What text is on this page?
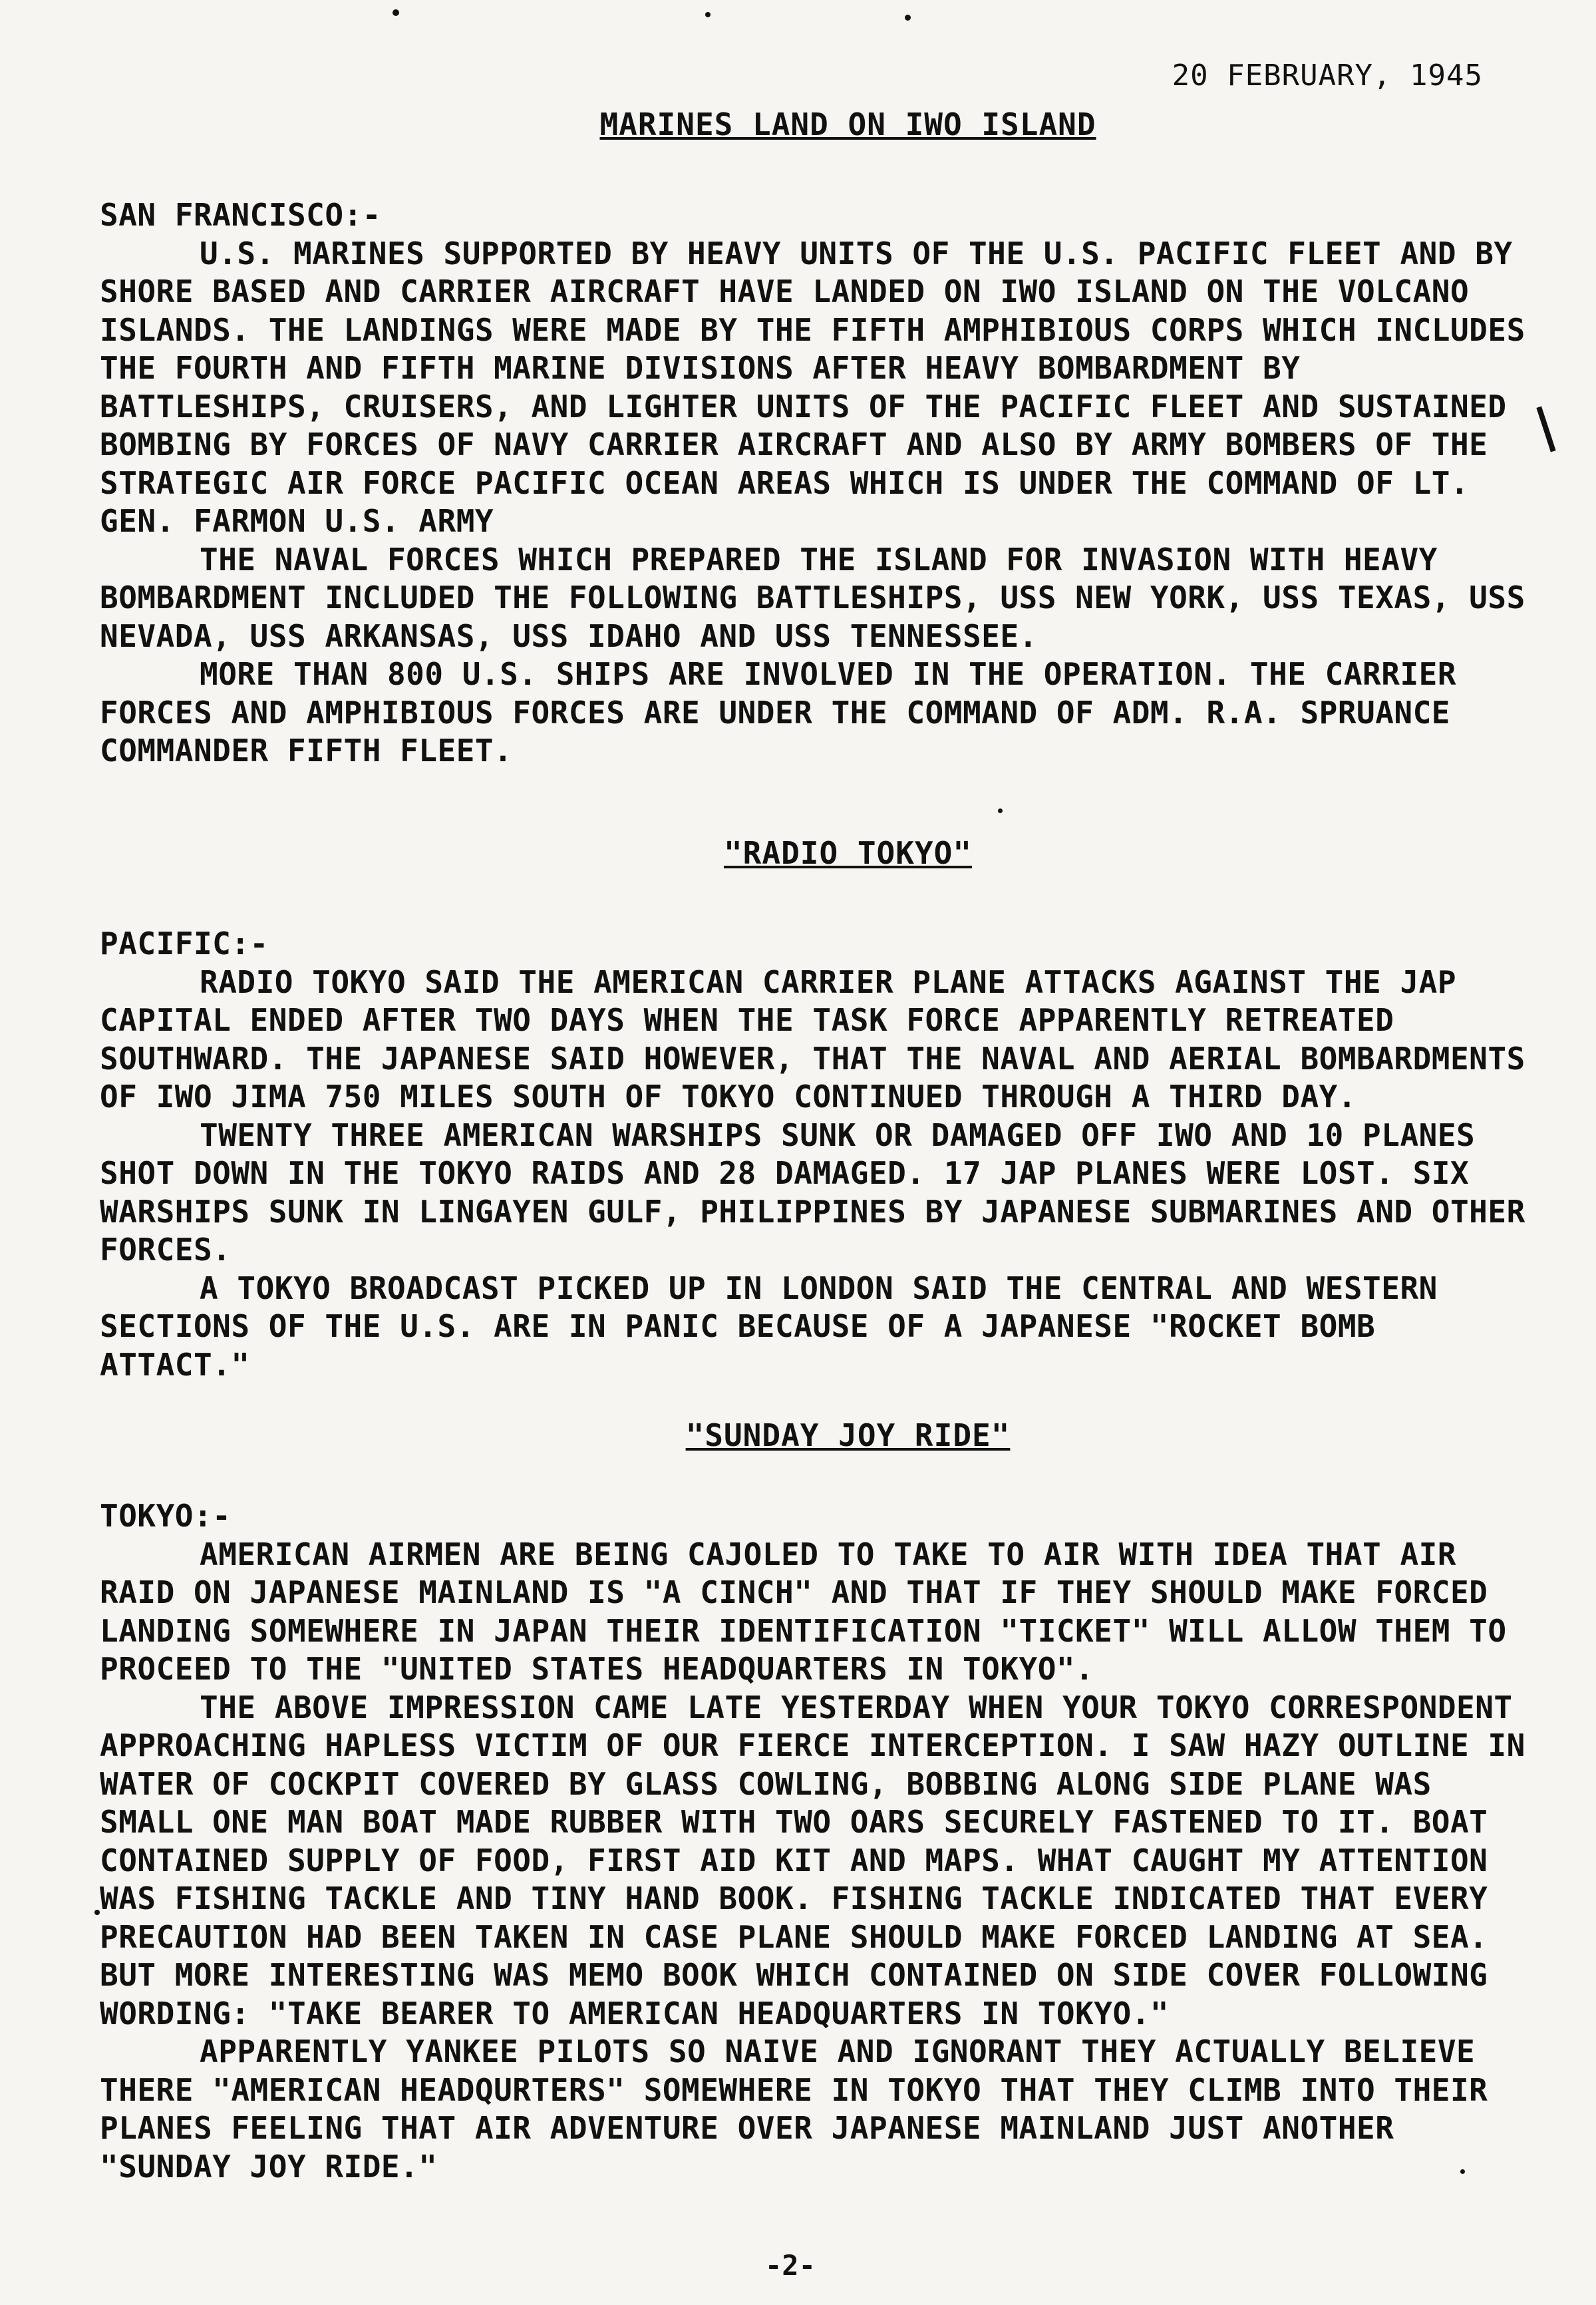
20 FEBRUARY, 1945
MARINES LAND ON IWO ISLAND
SAN FRANCISCO:-

U.S. MARINES SUPPORTED BY HEAVY UNITS OF THE U.S. PACIFIC FLEET AND BY SHORE BASED AND CARRIER AIRCRAFT HAVE LANDED ON IWO ISLAND ON THE VOLCANO ISLANDS. THE LANDINGS WERE MADE BY THE FIFTH AMPHIBIOUS CORPS WHICH INCLUDES THE FOURTH AND FIFTH MARINE DIVISIONS AFTER HEAVY BOMBARDMENT BY BATTLESHIPS, CRUISERS, AND LIGHTER UNITS OF THE PACIFIC FLEET AND SUSTAINED BOMBING BY FORCES OF NAVY CARRIER AIRCRAFT AND ALSO BY ARMY BOMBERS OF THE STRATEGIC AIR FORCE PACIFIC OCEAN AREAS WHICH IS UNDER THE COMMAND OF LT. GEN. FARMON U.S. ARMY

THE NAVAL FORCES WHICH PREPARED THE ISLAND FOR INVASION WITH HEAVY BOMBARDMENT INCLUDED THE FOLLOWING BATTLESHIPS, USS NEW YORK, USS TEXAS, USS NEVADA, USS ARKANSAS, USS IDAHO AND USS TENNESSEE.

MORE THAN 800 U.S. SHIPS ARE INVOLVED IN THE OPERATION. THE CARRIER FORCES AND AMPHIBIOUS FORCES ARE UNDER THE COMMAND OF ADM. R.A. SPRUANCE COMMANDER FIFTH FLEET.

"RADIO TOKYO"
PACIFIC:-

RADIO TOKYO SAID THE AMERICAN CARRIER PLANE ATTACKS AGAINST THE JAP CAPITAL ENDED AFTER TWO DAYS WHEN THE TASK FORCE APPARENTLY RETREATED SOUTHWARD. THE JAPANESE SAID HOWEVER, THAT THE NAVAL AND AERIAL BOMBARDMENTS OF IWO JIMA 750 MILES SOUTH OF TOKYO CONTINUED THROUGH A THIRD DAY.

TWENTY THREE AMERICAN WARSHIPS SUNK OR DAMAGED OFF IWO AND 10 PLANES SHOT DOWN IN THE TOKYO RAIDS AND 28 DAMAGED. 17 JAP PLANES WERE LOST. SIX WARSHIPS SUNK IN LINGAYEN GULF, PHILIPPINES BY JAPANESE SUBMARINES AND OTHER FORCES.

A TOKYO BROADCAST PICKED UP IN LONDON SAID THE CENTRAL AND WESTERN SECTIONS OF THE U.S. ARE IN PANIC BECAUSE OF A JAPANESE "ROCKET BOMB ATTACT."

"SUNDAY JOY RIDE"
TOKYO:-

AMERICAN AIRMEN ARE BEING CAJOLED TO TAKE TO AIR WITH IDEA THAT AIR RAID ON JAPANESE MAINLAND IS "A CINCH" AND THAT IF THEY SHOULD MAKE FORCED LANDING SOMEWHERE IN JAPAN THEIR IDENTIFICATION "TICKET" WILL ALLOW THEM TO PROCEED TO THE "UNITED STATES HEADQUARTERS IN TOKYO".

THE ABOVE IMPRESSION CAME LATE YESTERDAY WHEN YOUR TOKYO CORRESPONDENT APPROACHING HAPLESS VICTIM OF OUR FIERCE INTERCEPTION. I SAW HAZY OUTLINE IN WATER OF COCKPIT COVERED BY GLASS COWLING, BOBBING ALONG SIDE PLANE WAS SMALL ONE MAN BOAT MADE RUBBER WITH TWO OARS SECURELY FASTENED TO IT. BOAT CONTAINED SUPPLY OF FOOD, FIRST AID KIT AND MAPS. WHAT CAUGHT MY ATTENTION WAS FISHING TACKLE AND TINY HAND BOOK. FISHING TACKLE INDICATED THAT EVERY PRECAUTION HAD BEEN TAKEN IN CASE PLANE SHOULD MAKE FORCED LANDING AT SEA. BUT MORE INTERESTING WAS MEMO BOOK WHICH CONTAINED ON SIDE COVER FOLLOWING WORDING: "TAKE BEARER TO AMERICAN HEADQUARTERS IN TOKYO."

APPARENTLY YANKEE PILOTS SO NAIVE AND IGNORANT THEY ACTUALLY BELIEVE THERE "AMERICAN HEADQURTERS" SOMEWHERE IN TOKYO THAT THEY CLIMB INTO THEIR PLANES FEELING THAT AIR ADVENTURE OVER JAPANESE MAINLAND JUST ANOTHER "SUNDAY JOY RIDE."

-2-
